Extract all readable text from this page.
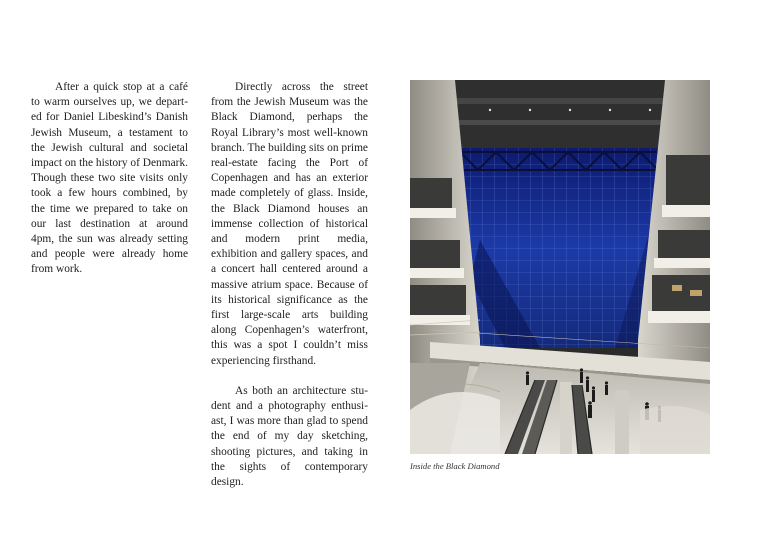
After a quick stop at a café to warm ourselves up, we departed for Daniel Libeskind’s Danish Jewish Museum, a testament to the Jewish cultural and societal impact on the history of Denmark. Though these two site visits only took a few hours combined, by the time we prepared to take on our last destination at around 4pm, the sun was already setting and people were already home from work.

Directly across the street from the Jewish Museum was the Black Diamond, perhaps the Royal Library’s most well-known branch. The building sits on prime real-estate facing the Port of Copenhagen and has an exterior made completely of glass. Inside, the Black Diamond houses an immense collection of historical and modern print media, exhibition and gallery spaces, and a concert hall centered around a massive atrium space. Because of its historical significance as the first large-scale arts building along Copenhagen’s waterfront, this was a spot I couldn’t miss experiencing firsthand.

As both an architecture student and a photography enthusiast, I was more than glad to spend the end of my day sketching, shooting pictures, and taking in the sights of contemporary design.

Inside the Black Diamond
